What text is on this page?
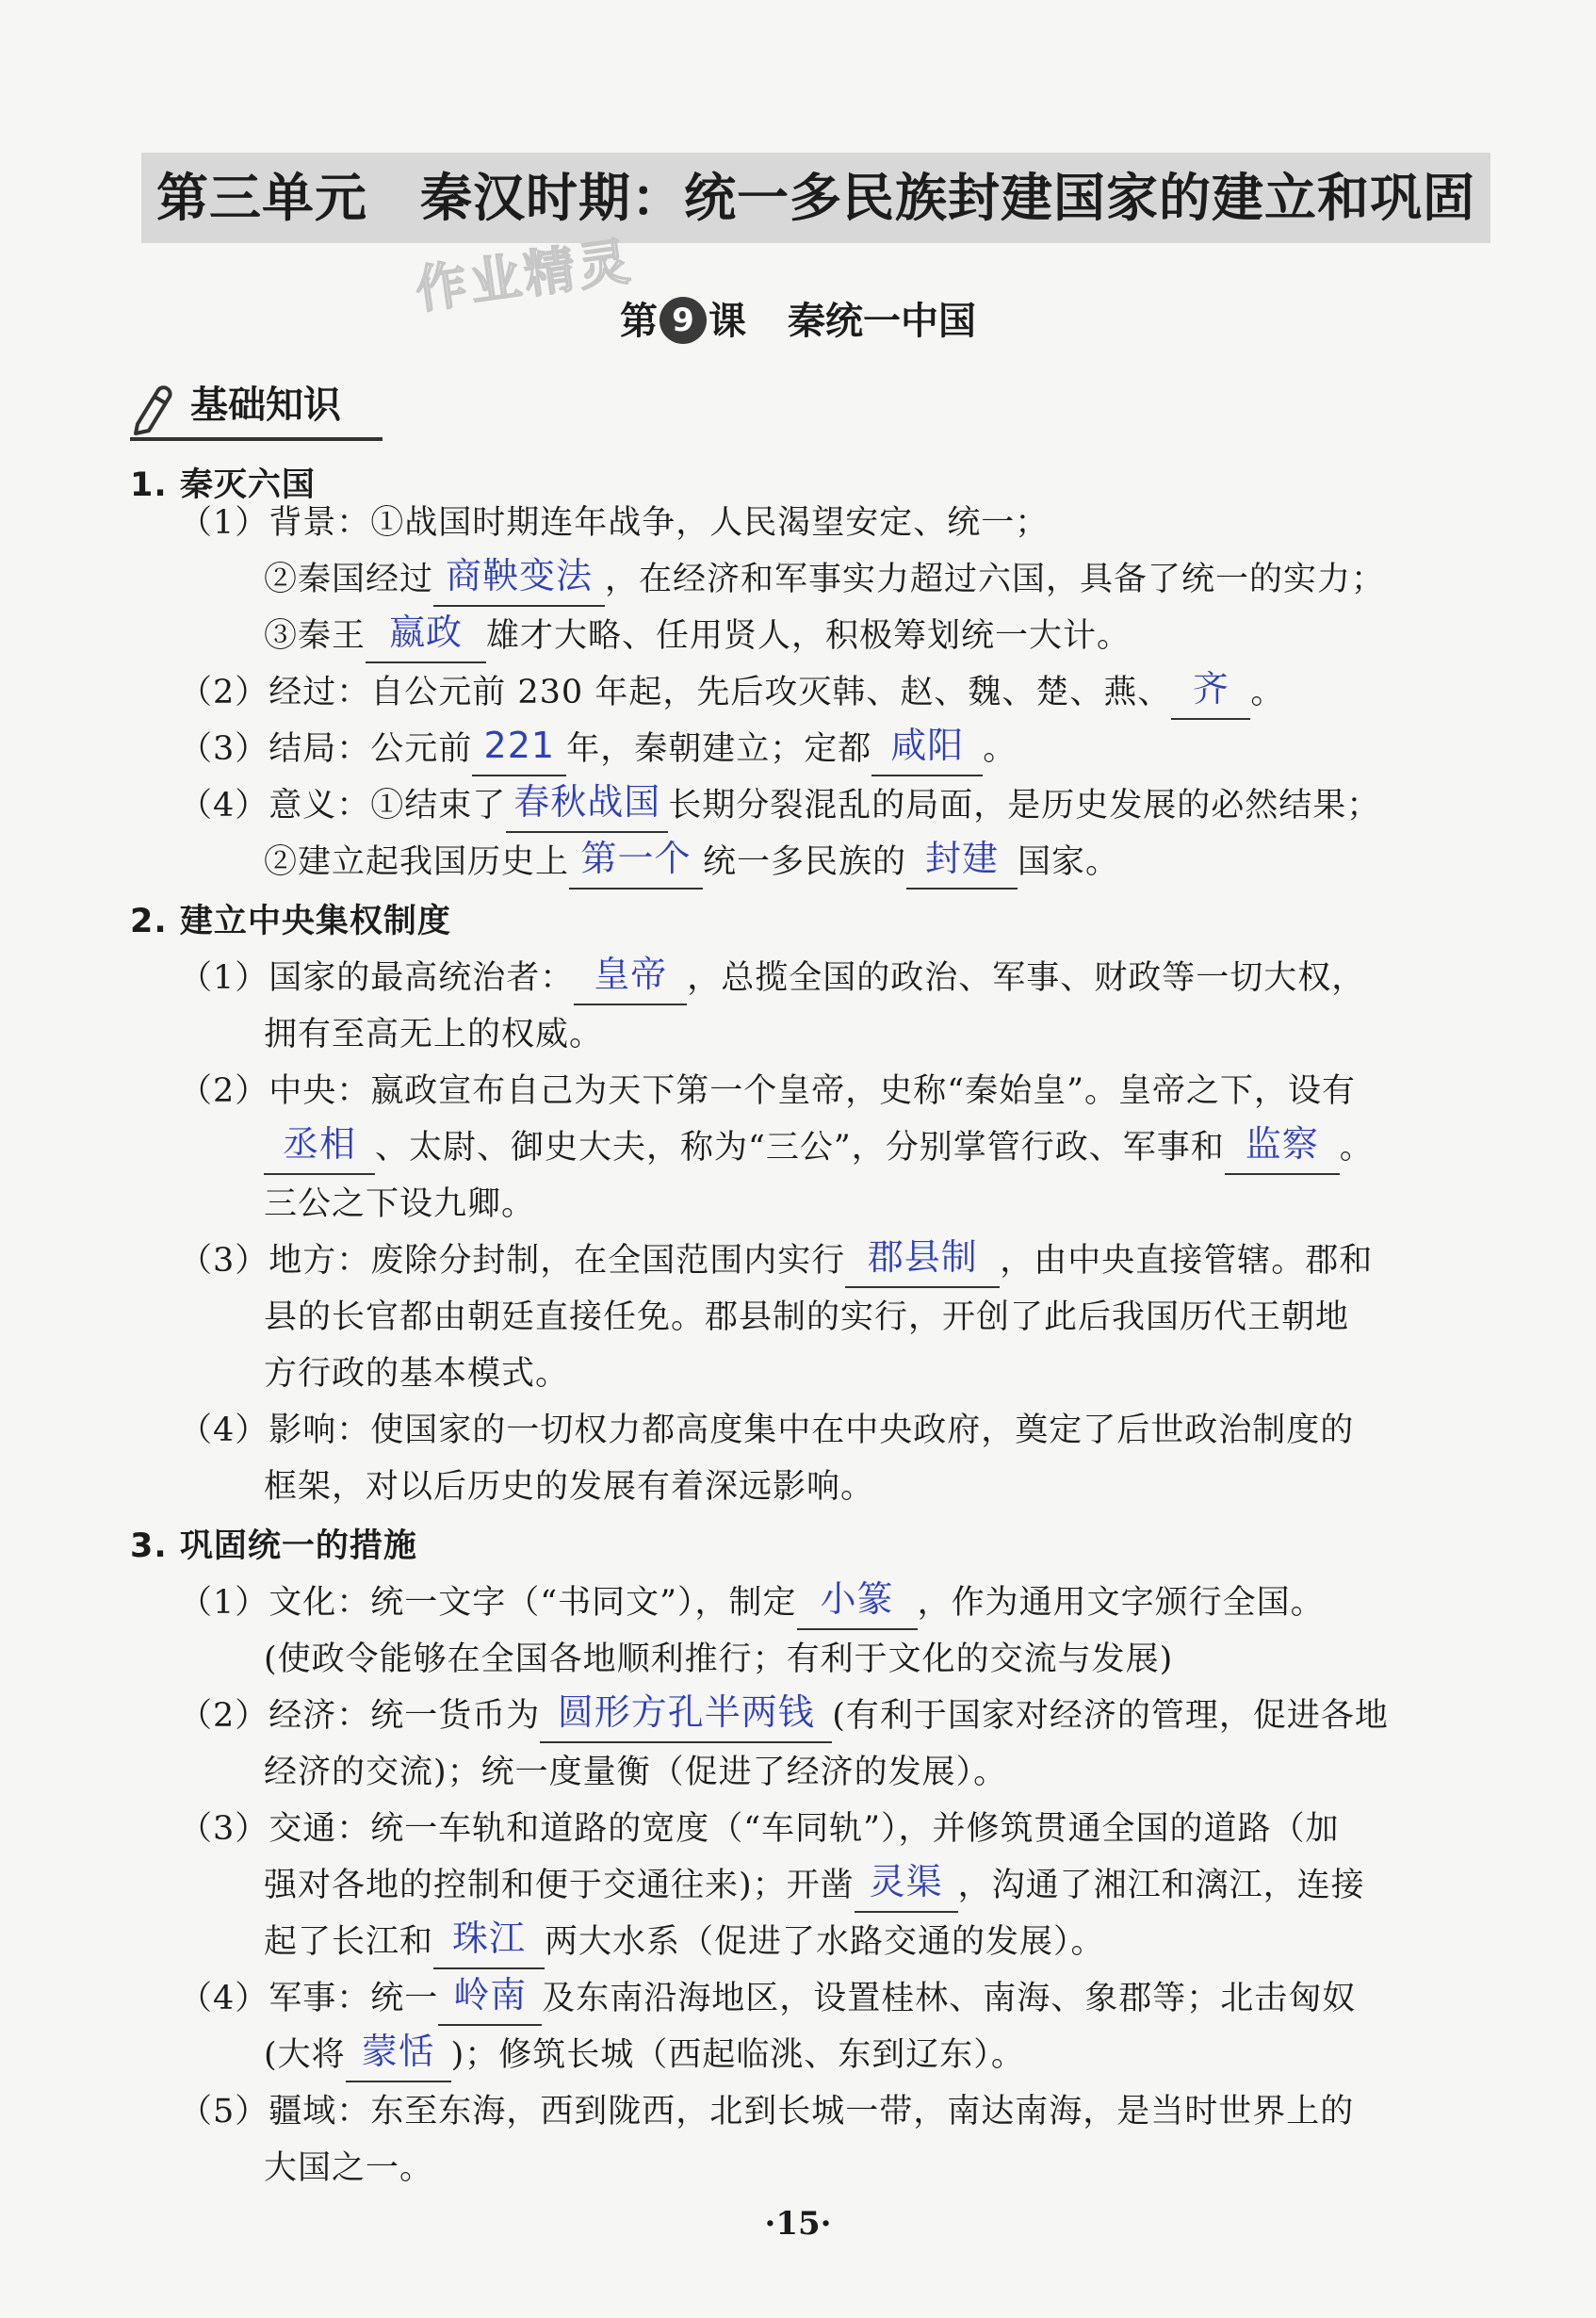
第三单元　秦汉时期：统一多民族封建国家的建立和巩固
作业精灵
第 9 课 秦统一中国
基础知识
1. 秦灭六国
（1）背景：①战国时期连年战争，人民渴望安定、统一；
②秦国经过 商鞅变法 ，在经济和军事实力超过六国，具备了统一的实力；
③秦王 嬴政 雄才大略、任用贤人，积极筹划统一大计。
（2）经过：自公元前 230 年起，先后攻灭韩、赵、魏、楚、燕、 齐 。
（3）结局：公元前 221 年，秦朝建立；定都 咸阳 。
（4）意义：①结束了 春秋战国 长期分裂混乱的局面，是历史发展的必然结果；
②建立起我国历史上 第一个 统一多民族的 封建 国家。
2. 建立中央集权制度
（1）国家的最高统治者： 皇帝 ，总揽全国的政治、军事、财政等一切大权，
拥有至高无上的权威。
（2）中央：嬴政宣布自己为天下第一个皇帝，史称“秦始皇”。皇帝之下，设有
丞相 、太尉、御史大夫，称为“三公”，分别掌管行政、军事和 监察 。
三公之下设九卿。
（3）地方：废除分封制，在全国范围内实行 郡县制 ，由中央直接管辖。郡和
县的长官都由朝廷直接任免。郡县制的实行，开创了此后我国历代王朝地
方行政的基本模式。
（4）影响：使国家的一切权力都高度集中在中央政府，奠定了后世政治制度的
框架，对以后历史的发展有着深远影响。
3. 巩固统一的措施
（1）文化：统一文字（“书同文”），制定 小篆 ，作为通用文字颁行全国。
(使政令能够在全国各地顺利推行；有利于文化的交流与发展)
（2）经济：统一货币为 圆形方孔半两钱 (有利于国家对经济的管理，促进各地
经济的交流)；统一度量衡（促进了经济的发展）。
（3）交通：统一车轨和道路的宽度（“车同轨”），并修筑贯通全国的道路（加
强对各地的控制和便于交通往来)；开凿 灵渠 ，沟通了湘江和漓江，连接
起了长江和 珠江 两大水系（促进了水路交通的发展）。
（4）军事：统一 岭南 及东南沿海地区，设置桂林、南海、象郡等；北击匈奴
(大将 蒙恬 )；修筑长城（西起临洮、东到辽东）。
（5）疆域：东至东海，西到陇西，北到长城一带，南达南海，是当时世界上的
大国之一。
·15·
